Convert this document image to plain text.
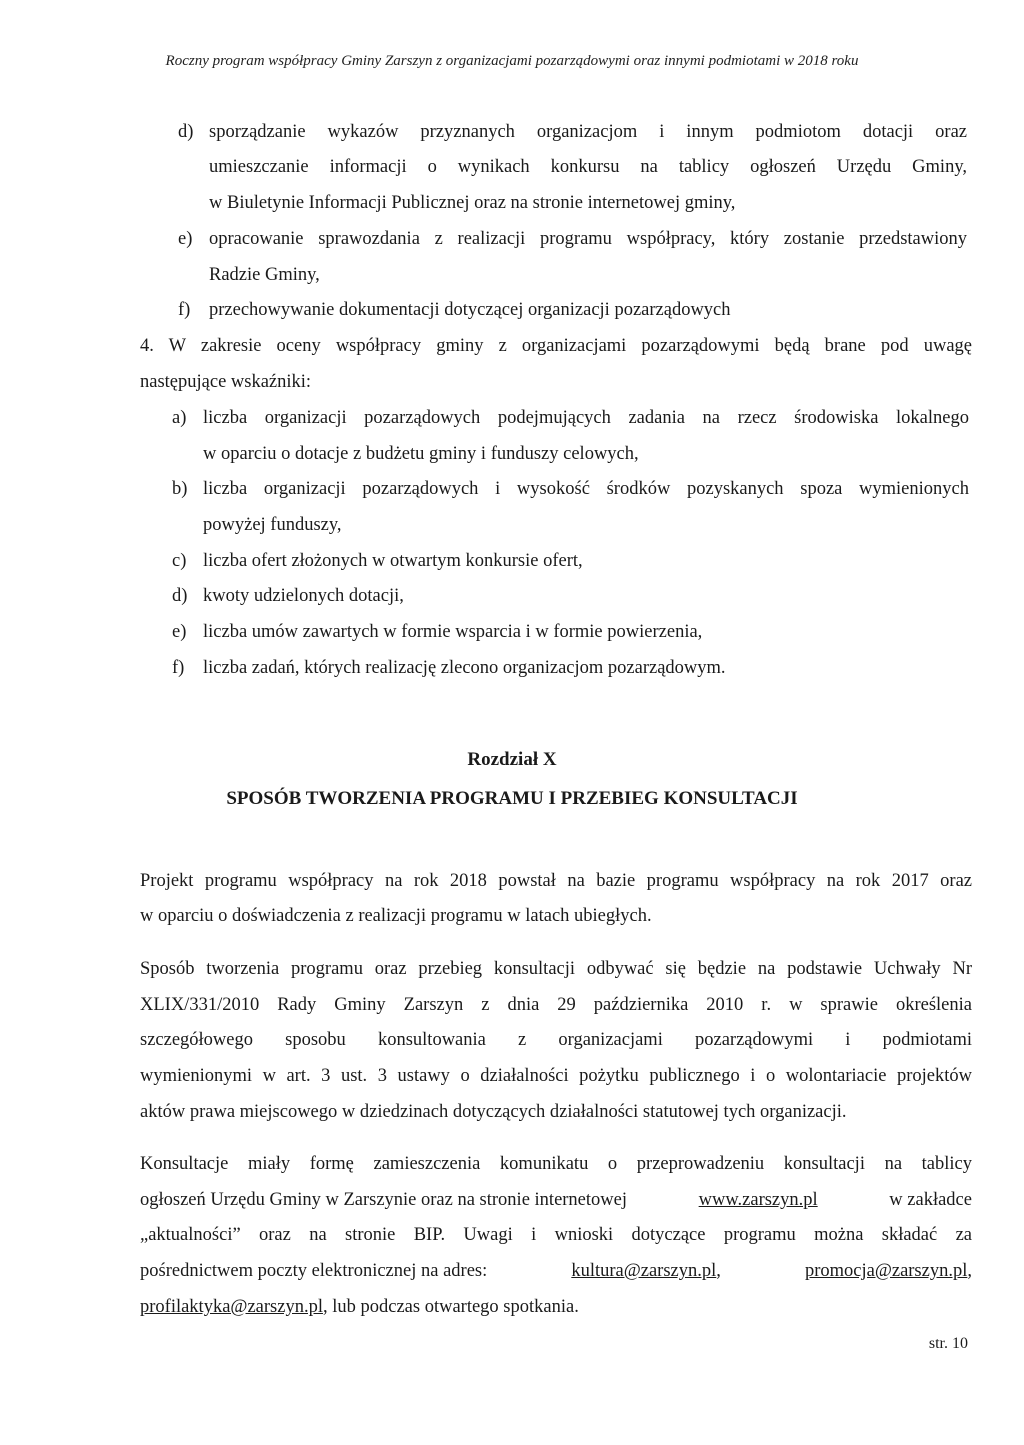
Roczny program współpracy Gminy Zarszyn z organizacjami pozarządowymi oraz innymi podmiotami w 2018 roku
d) sporządzanie wykazów przyznanych organizacjom i innym podmiotom dotacji oraz
umieszczanie informacji o wynikach konkursu na tablicy ogłoszeń Urzędu Gminy,
w Biuletynie Informacji Publicznej oraz na stronie internetowej gminy,
e) opracowanie sprawozdania z realizacji programu współpracy, który zostanie przedstawiony
Radzie Gminy,
f) przechowywanie dokumentacji dotyczącej organizacji pozarządowych
4. W zakresie oceny współpracy gminy z organizacjami pozarządowymi będą brane pod uwagę
następujące wskaźniki:
a) liczba organizacji pozarządowych podejmujących zadania na rzecz środowiska lokalnego
w oparciu o dotacje z budżetu gminy i funduszy celowych,
b) liczba organizacji pozarządowych i wysokość środków pozyskanych spoza wymienionych
powyżej funduszy,
c) liczba ofert złożonych w otwartym konkursie ofert,
d) kwoty udzielonych dotacji,
e) liczba umów zawartych w formie wsparcia i w formie powierzenia,
f) liczba zadań, których realizację zlecono organizacjom pozarządowym.
Rozdział X
SPOSÓB TWORZENIA PROGRAMU I PRZEBIEG KONSULTACJI
Projekt programu współpracy na rok 2018 powstał na bazie programu współpracy na rok 2017 oraz
w oparciu o doświadczenia z realizacji programu w latach ubiegłych.
Sposób tworzenia programu oraz przebieg konsultacji odbywać się będzie na podstawie Uchwały Nr
XLIX/331/2010 Rady Gminy Zarszyn z dnia 29 października 2010 r. w sprawie określenia
szczegółowego sposobu konsultowania z organizacjami pozarządowymi i podmiotami
wymienionymi w art. 3 ust. 3 ustawy o działalności pożytku publicznego i o wolontariacie projektów
aktów prawa miejscowego w dziedzinach dotyczących działalności statutowej tych organizacji.
Konsultacje miały formę zamieszczenia komunikatu o przeprowadzeniu konsultacji na tablicy
ogłoszeń Urzędu Gminy w Zarszynie oraz na stronie internetowej	www.zarszyn.pl	w zakładce
„aktualności” oraz na stronie BIP. Uwagi i wnioski dotyczące programu można składać za
pośrednictwem poczty elektronicznej na adres:	kultura@zarszyn.pl,	promocja@zarszyn.pl,
profilaktyka@zarszyn.pl, lub podczas otwartego spotkania.
str. 10
